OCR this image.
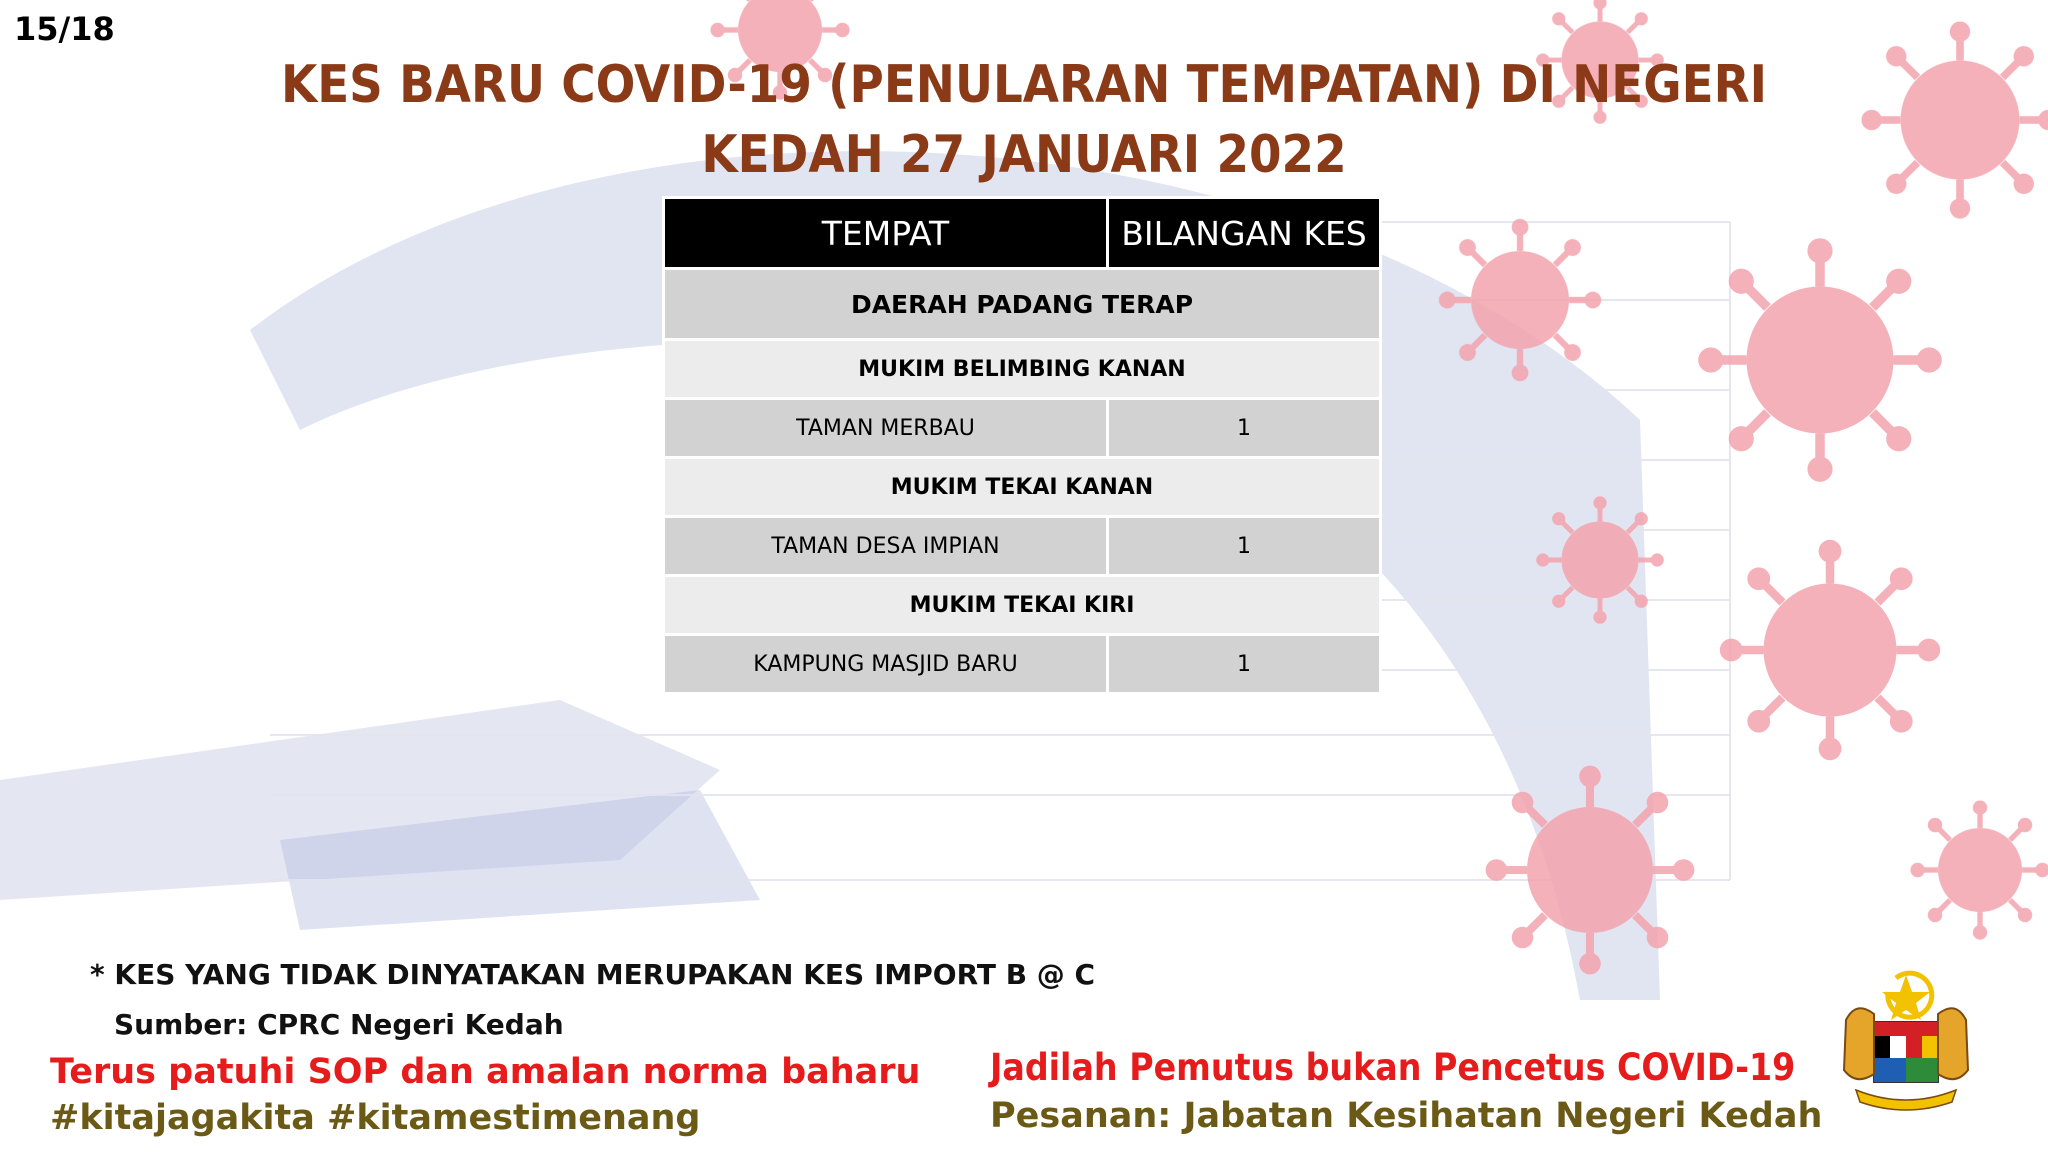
15/18
KES BARU COVID-19 (PENULARAN TEMPATAN) DI NEGERI
KEDAH 27 JANUARI 2022
TEMPAT	BILANGAN KES
DAERAH PADANG TERAP	
MUKIM BELIMBING KANAN	
TAMAN MERBAU	1
MUKIM TEKAI KANAN	
TAMAN DESA IMPIAN	1
MUKIM TEKAI KIRI	
KAMPUNG MASJID BARU	1
* KES YANG TIDAK DINYATAKAN MERUPAKAN KES IMPORT B @ C
Sumber: CPRC Negeri Kedah
Terus patuhi SOP dan amalan norma baharu
#kitajagakita #kitamestimenang
Jadilah Pemutus bukan Pencetus COVID-19
Pesanan: Jabatan Kesihatan Negeri Kedah
